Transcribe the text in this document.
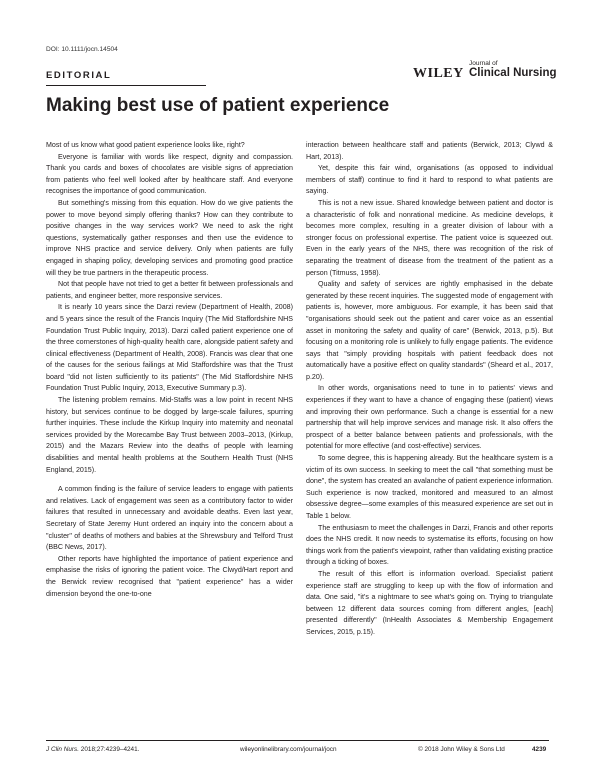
DOI: 10.1111/jocn.14504
EDITORIAL	WILEY
Journal of
Clinical Nursing
Making best use of patient experience

Most of us know what good patient experience looks like, right?

Everyone is familiar with words like respect, dignity and compassion. Thank you cards and boxes of chocolates are visible signs of appreciation from patients who feel well looked after by healthcare staff. And everyone recognises the importance of good communication.

But something's missing from this equation. How do we give patients the power to move beyond simply offering thanks? How can they contribute to positive changes in the way services work? We need to ask the right questions, systematically gather responses and then use the evidence to improve NHS practice and service delivery. Only when patients are fully engaged in shaping policy, developing services and promoting good practice will they be true partners in the therapeutic process.

Not that people have not tried to get a better fit between professionals and patients, and engineer better, more responsive services.

It is nearly 10 years since the Darzi review (Department of Health, 2008) and 5 years since the result of the Francis Inquiry (The Mid Staffordshire NHS Foundation Trust Public Inquiry, 2013). Darzi called patient experience one of the three cornerstones of high-quality health care, alongside patient safety and clinical effectiveness (Department of Health, 2008). Francis was clear that one of the causes for the serious failings at Mid Staffordshire was that the Trust board "did not listen sufficiently to its patients" (The Mid Staffordshire NHS Foundation Trust Public Inquiry, 2013, Executive Summary p.3).

The listening problem remains. Mid-Staffs was a low point in recent NHS history, but services continue to be dogged by large-scale failures, spurring further inquiries. These include the Kirkup Inquiry into maternity and neonatal services provided by the Morecambe Bay Trust between 2003–2013, (Kirkup, 2015) and the Mazars Review into the deaths of people with learning disabilities and mental health problems at the Southern Health Trust (NHS England, 2015).

A common finding is the failure of service leaders to engage with patients and relatives. Lack of engagement was seen as a contributory factor to wider failures that resulted in unnecessary and avoidable deaths. Even last year, Secretary of State Jeremy Hunt ordered an inquiry into the concern about a "cluster" of deaths of mothers and babies at the Shrewsbury and Telford Trust (BBC News, 2017).

Other reports have highlighted the importance of patient experience and emphasise the risks of ignoring the patient voice. The Clwyd/Hart report and the Berwick review recognised that "patient experience" has a wider dimension beyond the one-to-one

interaction between healthcare staff and patients (Berwick, 2013; Clywd & Hart, 2013).

Yet, despite this fair wind, organisations (as opposed to individual members of staff) continue to find it hard to respond to what patients are saying.

This is not a new issue. Shared knowledge between patient and doctor is a characteristic of folk and nonrational medicine. As medicine develops, it becomes more complex, resulting in a greater division of labour with a stronger focus on professional expertise. The patient voice is squeezed out. Even in the early years of the NHS, there was recognition of the risk of separating the treatment of disease from the treatment of the patient as a person (Titmuss, 1958).

Quality and safety of services are rightly emphasised in the debate generated by these recent inquiries. The suggested mode of engagement with patients is, however, more ambiguous. For example, it has been said that "organisations should seek out the patient and carer voice as an essential asset in monitoring the safety and quality of care" (Berwick, 2013, p.5). But focusing on a monitoring role is unlikely to fully engage patients. The evidence says that "simply providing hospitals with patient feedback does not automatically have a positive effect on quality standards" (Sheard et al., 2017, p.20).

In other words, organisations need to tune in to patients' views and experiences if they want to have a chance of engaging these (patient) views and improving their own performance. Such a change is essential for a new partnership that will help improve services and manage risk. It also offers the prospect of a better balance between patients and professionals, with the potential for more effective (and cost-effective) services.

To some degree, this is happening already. But the healthcare system is a victim of its own success. In seeking to meet the call "that something must be done", the system has created an avalanche of patient experience information. Such experience is now tracked, monitored and measured to an almost obsessive degree—some examples of this measured experience are set out in Table 1 below.

The enthusiasm to meet the challenges in Darzi, Francis and other reports does the NHS credit. It now needs to systematise its efforts, focusing on how things work from the patient's viewpoint, rather than validating existing practice through a ticking of boxes.

The result of this effort is information overload. Specialist patient experience staff are struggling to keep up with the flow of information and data. One said, "it's a nightmare to see what's going on. Trying to triangulate between 12 different data sources coming from different angles, [each] presented differently" (InHealth Associates & Membership Engagement Services, 2015, p.15).

J Clin Nurs. 2018;27:4239–4241.	wileyonlinelibrary.com/journal/jocn	© 2018 John Wiley & Sons Ltd	4239
